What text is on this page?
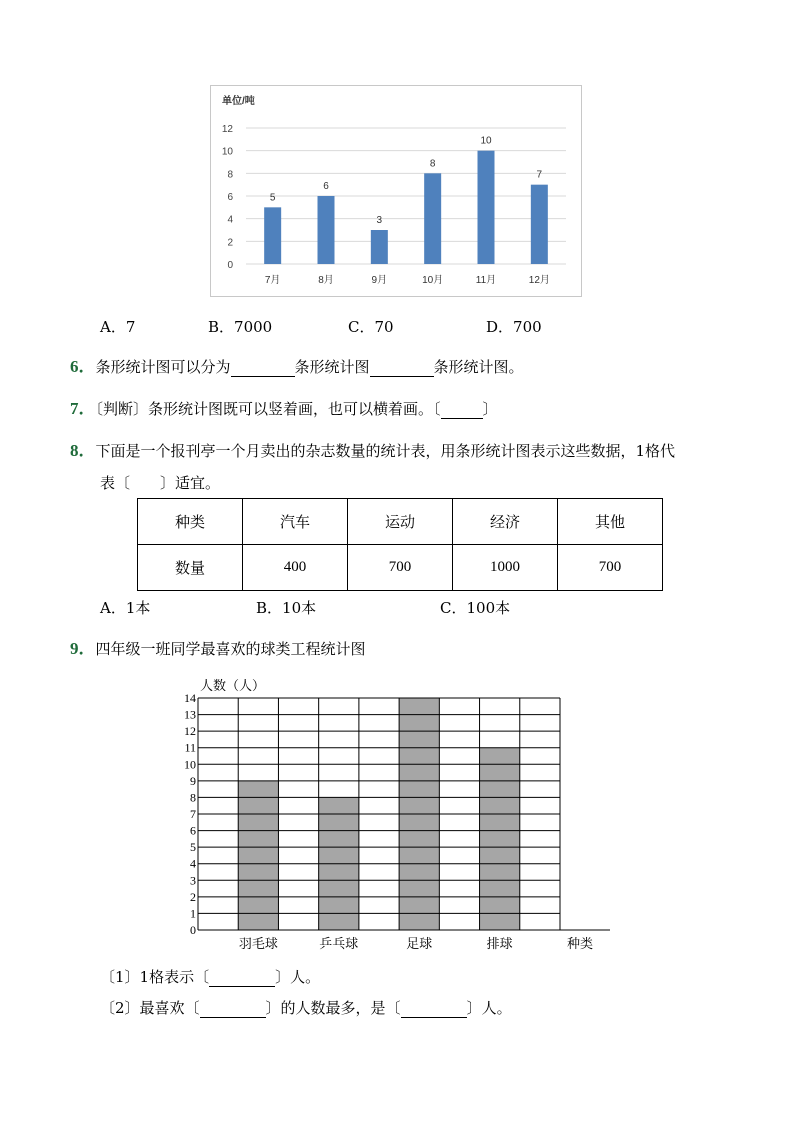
单位/吨
0
2
4
6
8
10
12
5
7月
6
8月
3
9月
8
10月
10
11月
7
12月
A．7	B．7000	C．70	D．700
6．条形统计图可以分为	条形统计图	条形统计图。
7．〔判断〕条形统计图既可以竖着画，也可以横着画。〔	〕
8．下面是一个报刊亭一个月卖出的杂志数量的统计表，用条形统计图表示这些数据，1格代
表〔　　〕适宜。
种类	汽车	运动	经济	其他
数量	400	700	1000	700
A．1本	B．10本	C．100本
9．四年级一班同学最喜欢的球类工程统计图
0
1
2
3
4
5
6
7
8
9
10
11
12
13
14
人数（人）
羽毛球	乒乓球	足球	排球	种类
〔1〕1格表示〔	〕人。
〔2〕最喜欢〔	〕的人数最多，是〔	〕人。
